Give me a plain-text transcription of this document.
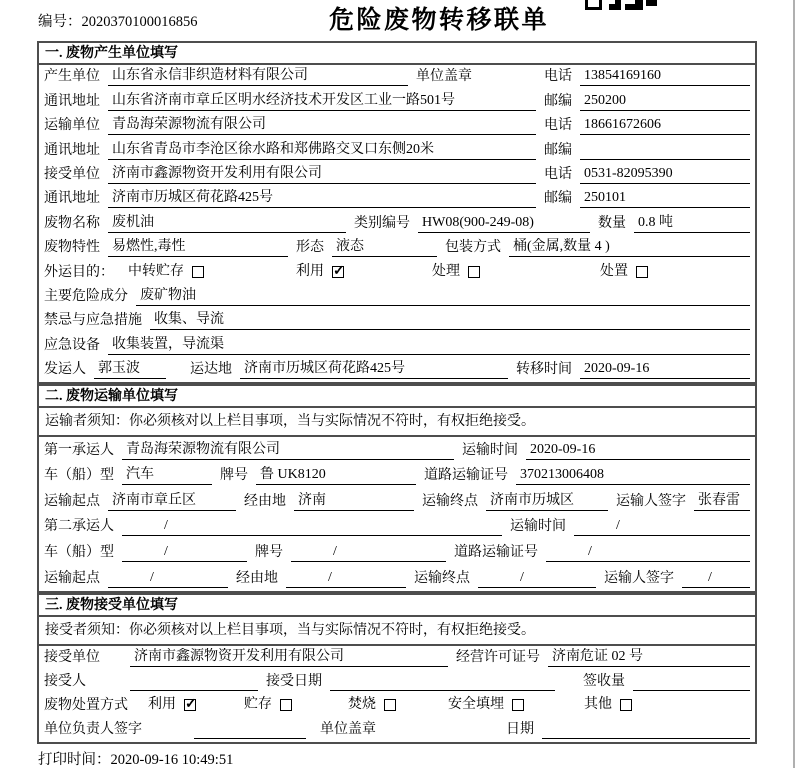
编号：2020370100016856	危险废物转移联单
一. 废物产生单位填写
产生单位 山东省永信非织造材料有限公司	单位盖章	电话 13854169160
通讯地址 山东省济南市章丘区明水经济技术开发区工业一路501号	邮编 250200
运输单位 青岛海荣源物流有限公司	电话 18661672606
通讯地址 山东省青岛市李沧区徐水路和郑佛路交叉口东侧20米	邮编
接受单位 济南市鑫源物资开发利用有限公司	电话 0531-82095390
通讯地址 济南市历城区荷花路425号	邮编 250101
废物名称 废机油	类别编号 HW08(900-249-08)	数量 0.8 吨
废物特性 易燃性,毒性	形态 液态	包装方式 桶(金属,数量 4 )
外运目的： 中转贮存	利用 ✓	处理	处置
主要危险成分 废矿物油
禁忌与应急措施 收集、导流
应急设备 收集装置，导流渠
发运人 郭玉波	运达地 济南市历城区荷花路425号	转移时间 2020-09-16
二. 废物运输单位填写
运输者须知：你必须核对以上栏目事项，当与实际情况不符时，有权拒绝接受。
第一承运人 青岛海荣源物流有限公司	运输时间 2020-09-16
车（船）型 汽车	牌号 鲁 UK8120	道路运输证号 370213006408
运输起点 济南市章丘区	经由地 济南	运输终点 济南市历城区	运输人签字 张春雷
第二承运人	/	运输时间	/
车（船）型	/	牌号	/	道路运输证号	/
运输起点	/	经由地	/	运输终点	/	运输人签字	/
三. 废物接受单位填写
接受者须知：你必须核对以上栏目事项，当与实际情况不符时，有权拒绝接受。
接受单位	济南市鑫源物资开发利用有限公司	经营许可证号 济南危证 02 号
接受人	接受日期	签收量
废物处置方式 利用 ✓	贮存	焚烧	安全填埋	其他
单位负责人签字	单位盖章	日期
打印时间：2020-09-16 10:49:51
